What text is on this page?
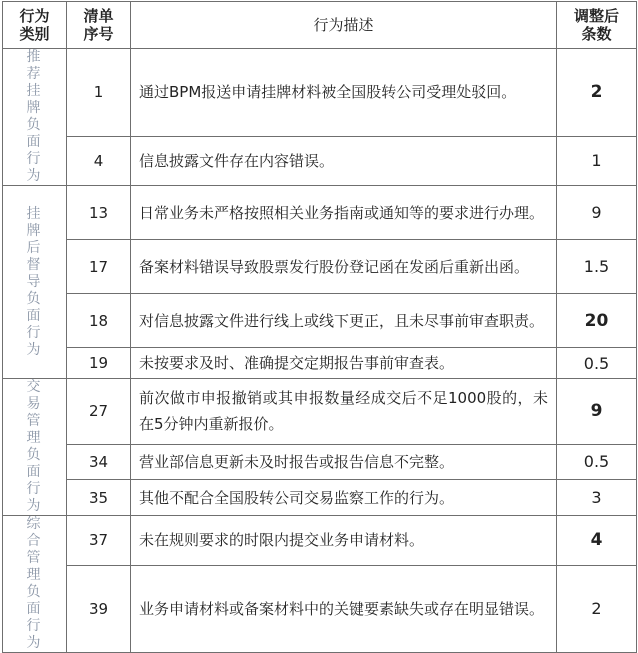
行为类别	清单序号	行为描述	调整后条数
推荐挂牌负面行为	1	通过BPM报送申请挂牌材料被全国股转公司受理处驳回。	2
	4	信息披露文件存在内容错误。	1
挂牌后督导负面行为	13	日常业务未严格按照相关业务指南或通知等的要求进行办理。	9
	17	备案材料错误导致股票发行股份登记函在发函后重新出函。	1.5
	18	对信息披露文件进行线上或线下更正，且未尽事前审查职责。	20
	19	未按要求及时、准确提交定期报告事前审查表。	0.5
交易管理负面行为	27	前次做市申报撤销或其申报数量经成交后不足1000股的，未在5分钟内重新报价。	9
	34	营业部信息更新未及时报告或报告信息不完整。	0.5
	35	其他不配合全国股转公司交易监察工作的行为。	3
综合管理负面行为	37	未在规则要求的时限内提交业务申请材料。	4
	39	业务申请材料或备案材料中的关键要素缺失或存在明显错误。	2
